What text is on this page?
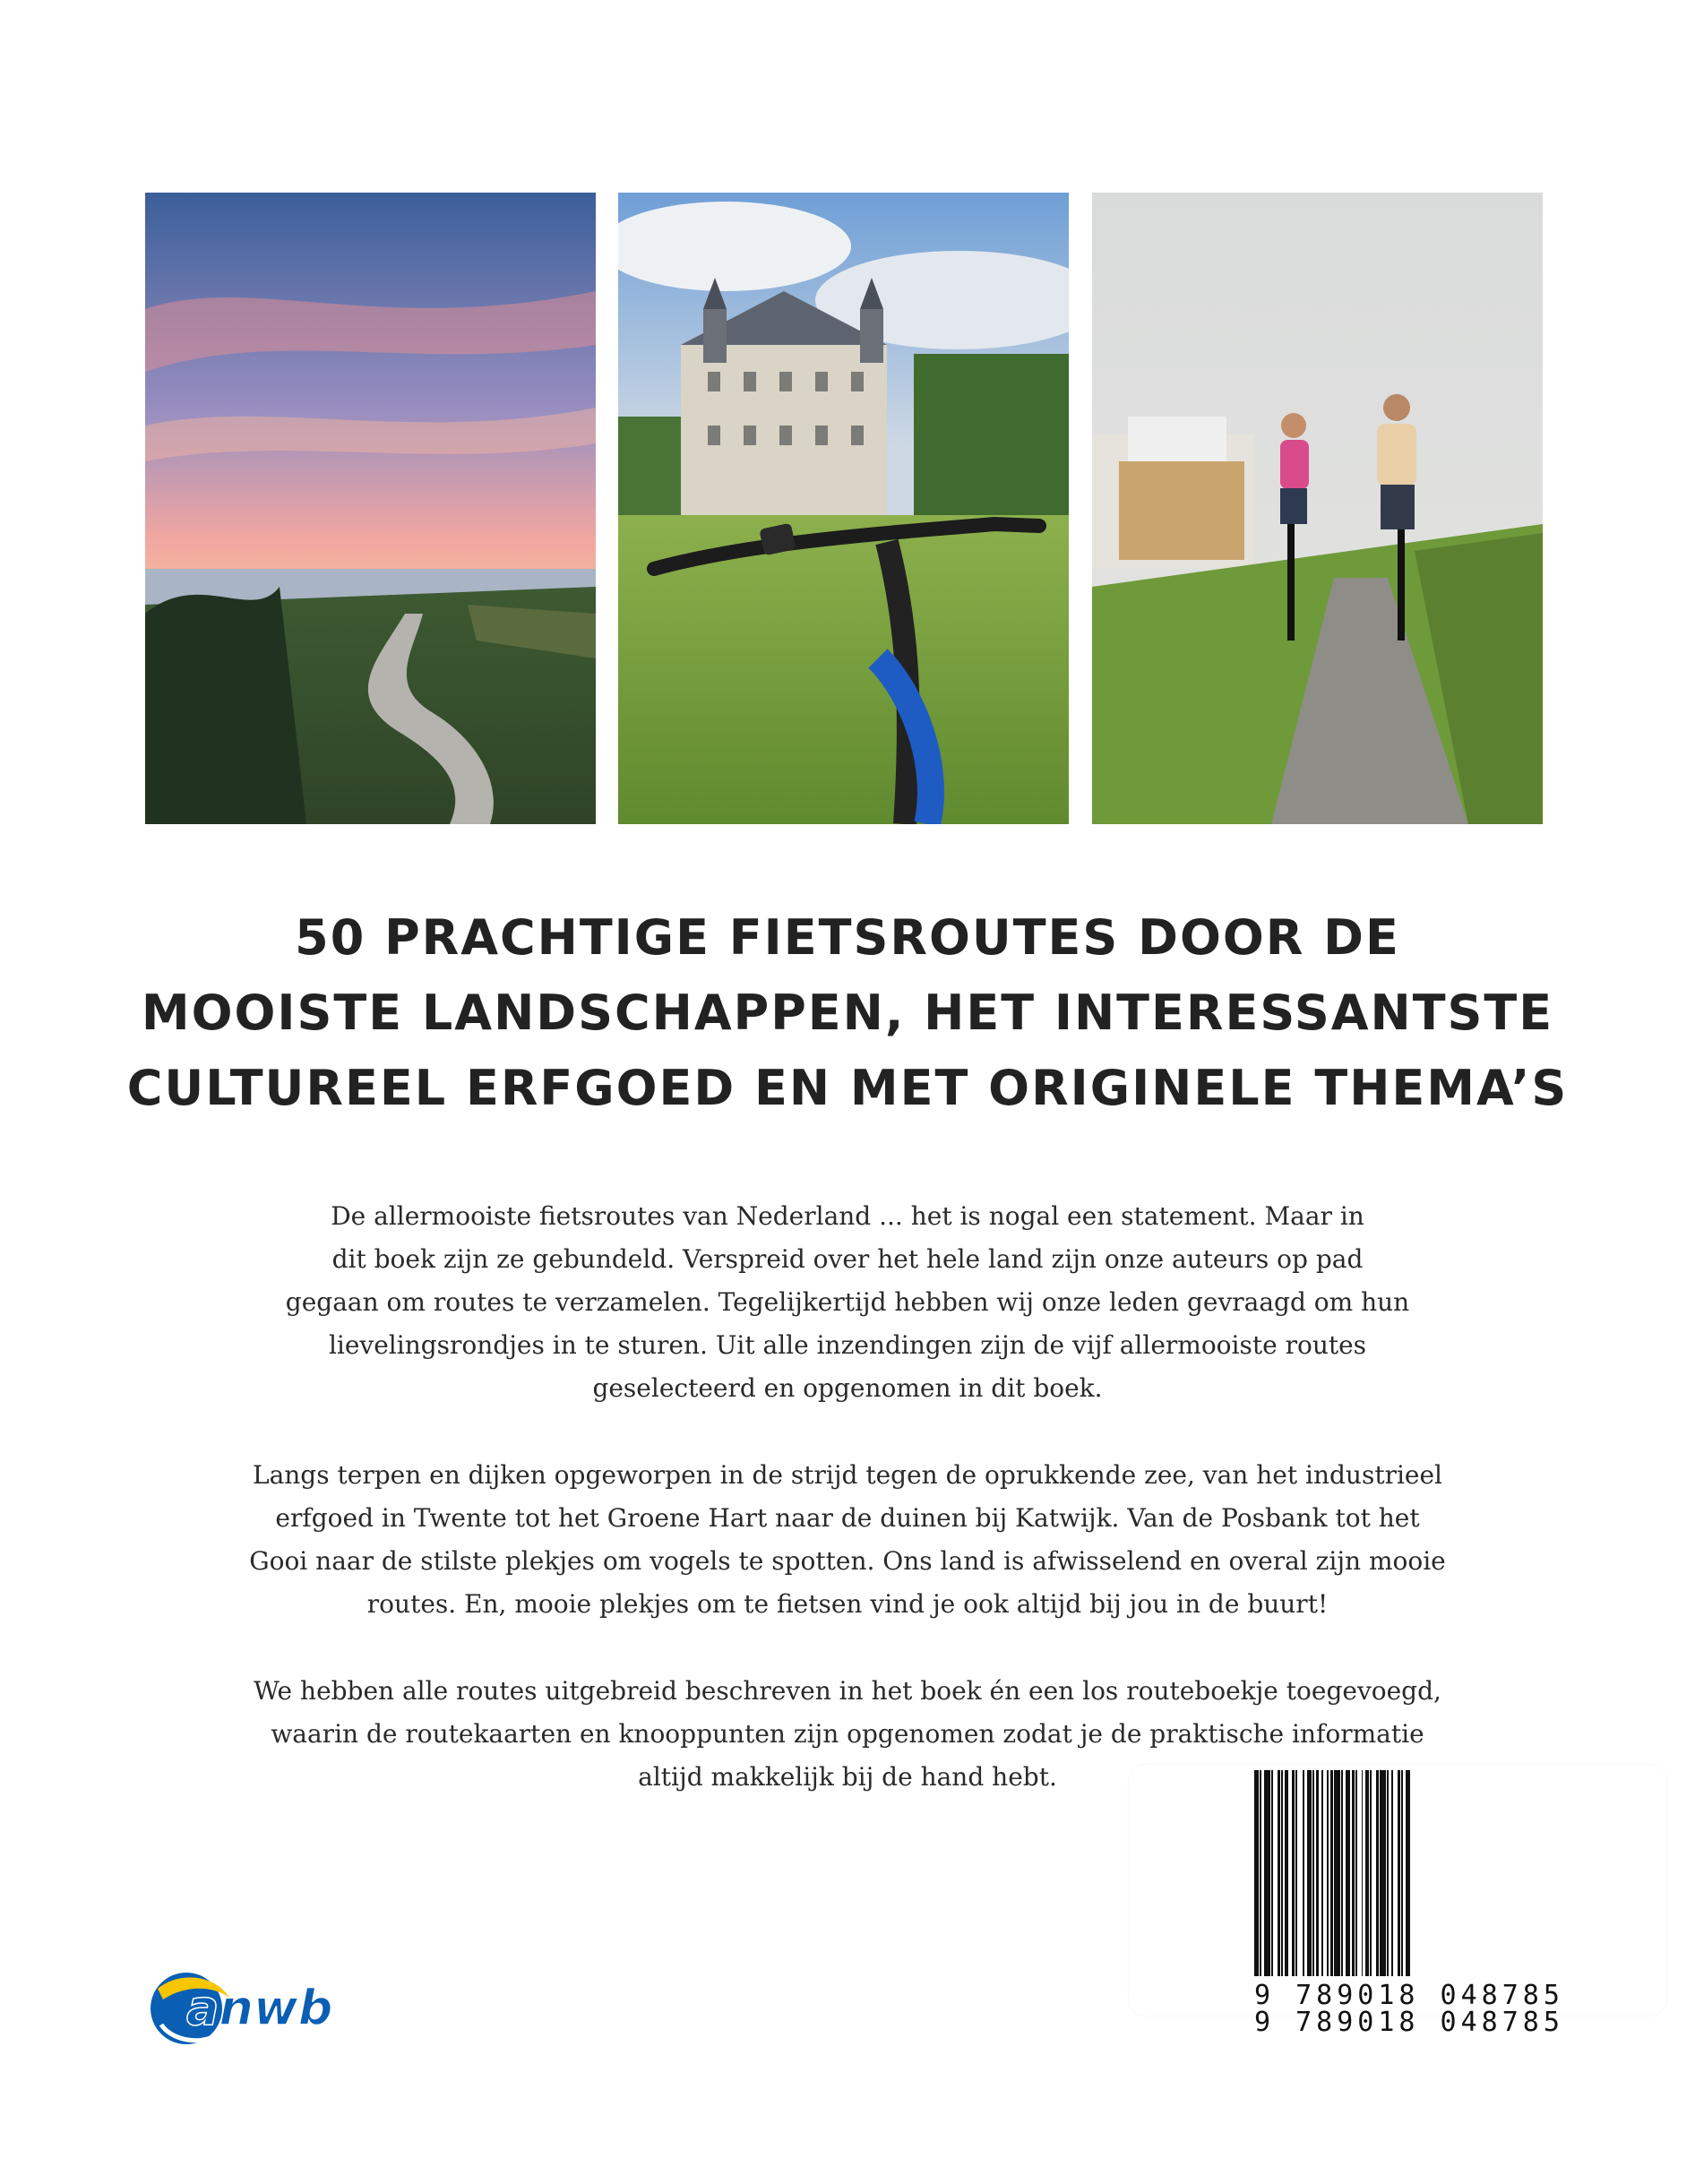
50 PRACHTIGE FIETSROUTES DOOR DE
MOOISTE LANDSCHAPPEN, HET INTERESSANTSTE
CULTUREEL ERFGOED EN MET ORIGINELE THEMA’S
De allermooiste fietsroutes van Nederland ... het is nogal een statement. Maar in
dit boek zijn ze gebundeld. Verspreid over het hele land zijn onze auteurs op pad
gegaan om routes te verzamelen. Tegelijkertijd hebben wij onze leden gevraagd om hun
lievelingsrondjes in te sturen. Uit alle inzendingen zijn de vijf allermooiste routes
geselecteerd en opgenomen in dit boek.
Langs terpen en dijken opgeworpen in de strijd tegen de oprukkende zee, van het industrieel
erfgoed in Twente tot het Groene Hart naar de duinen bij Katwijk. Van de Posbank tot het
Gooi naar de stilste plekjes om vogels te spotten. Ons land is afwisselend en overal zijn mooie
routes. En, mooie plekjes om te fietsen vind je ook altijd bij jou in de buurt!
We hebben alle routes uitgebreid beschreven in het boek én een los routeboekje toegevoegd,
waarin de routekaarten en knooppunten zijn opgenomen zodat je de praktische informatie
altijd makkelijk bij de hand hebt.
anwb	9 789018 048785
9 789018 048785
